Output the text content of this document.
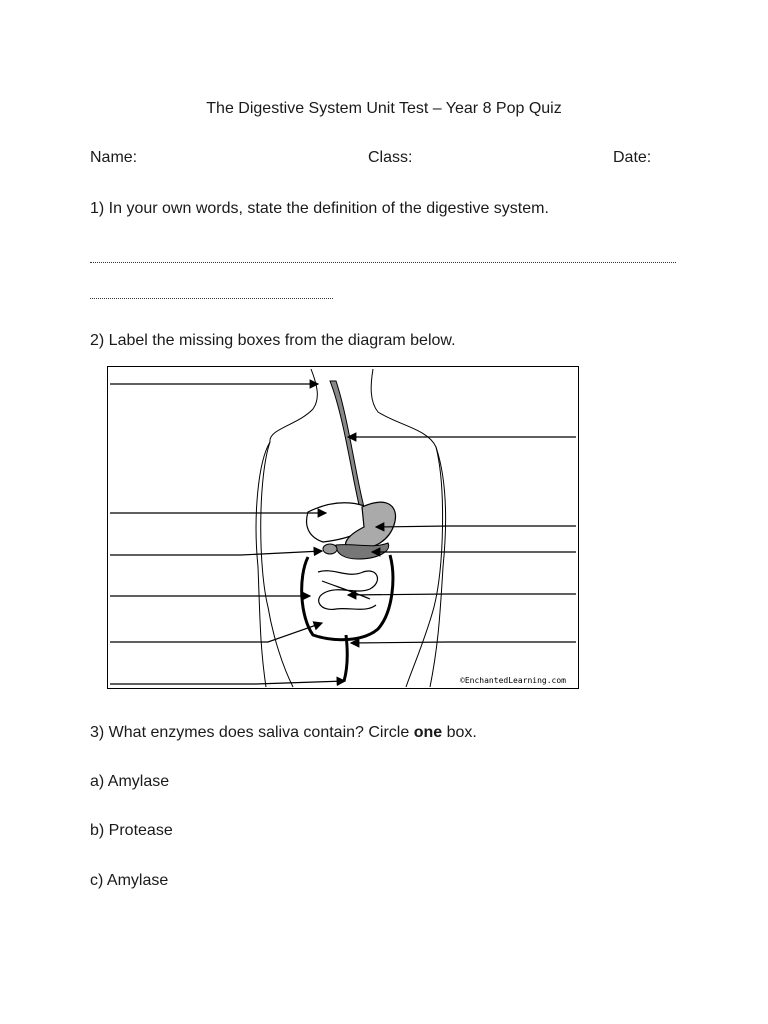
The Digestive System Unit Test – Year 8 Pop Quiz
Name:	Class:	Date:
1) In your own words, state the definition of the digestive system.
2) Label the missing boxes from the diagram below.
©EnchantedLearning.com
3) What enzymes does saliva contain? Circle one box.
a) Amylase
b) Protease
c) Amylase
